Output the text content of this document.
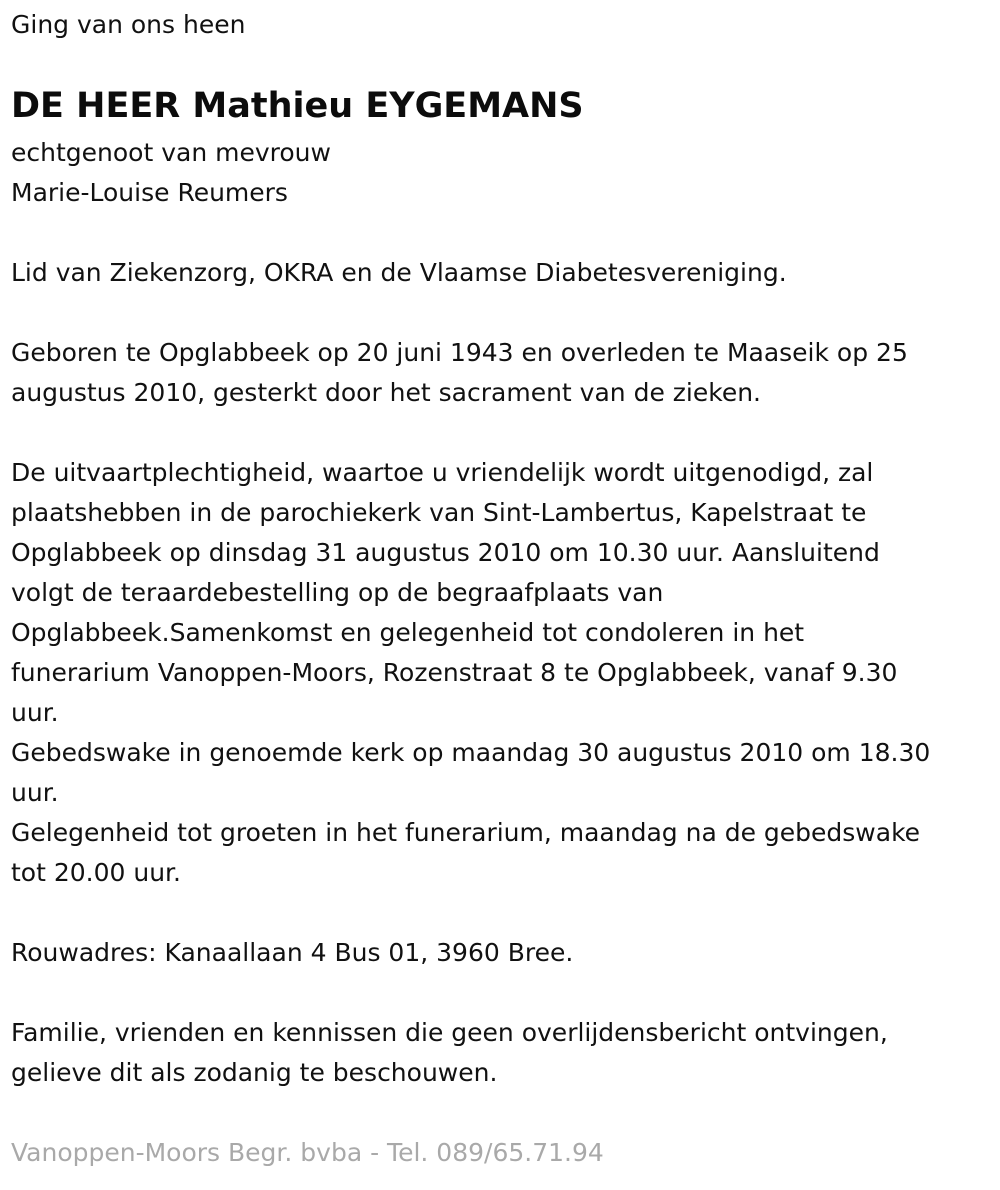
Ging van ons heen

DE HEER Mathieu EYGEMANS

echtgenoot van mevrouw

Marie-Louise Reumers

Lid van Ziekenzorg, OKRA en de Vlaamse Diabetesvereniging.

Geboren te Opglabbeek op 20 juni 1943 en overleden te Maaseik op 25

augustus 2010, gesterkt door het sacrament van de zieken.

De uitvaartplechtigheid, waartoe u vriendelijk wordt uitgenodigd, zal

plaatshebben in de parochiekerk van Sint-Lambertus, Kapelstraat te

Opglabbeek op dinsdag 31 augustus 2010 om 10.30 uur. Aansluitend

volgt de teraardebestelling op de begraafplaats van

Opglabbeek.Samenkomst en gelegenheid tot condoleren in het

funerarium Vanoppen-Moors, Rozenstraat 8 te Opglabbeek, vanaf 9.30

uur.

Gebedswake in genoemde kerk op maandag 30 augustus 2010 om 18.30

uur.

Gelegenheid tot groeten in het funerarium, maandag na de gebedswake

tot 20.00 uur.

Rouwadres: Kanaallaan 4 Bus 01, 3960 Bree.

Familie, vrienden en kennissen die geen overlijdensbericht ontvingen,

gelieve dit als zodanig te beschouwen.

Vanoppen-Moors Begr. bvba - Tel. 089/65.71.94
